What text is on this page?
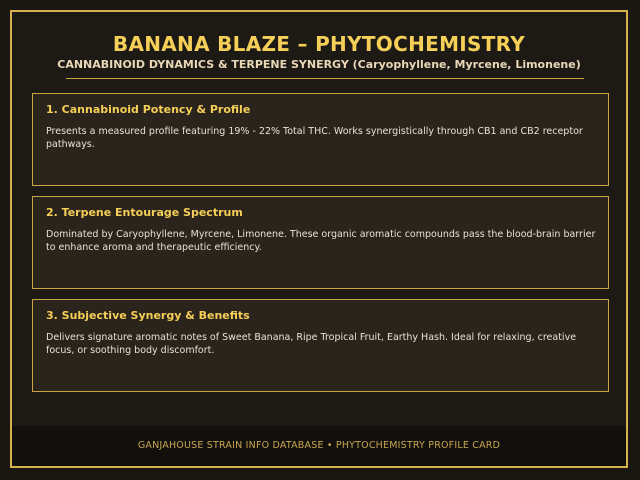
BANANA BLAZE – PHYTOCHEMISTRY

CANNABINOID DYNAMICS & TERPENE SYNERGY (Caryophyllene, Myrcene, Limonene)

1. Cannabinoid Potency & Profile

Presents a measured profile featuring 19% - 22% Total THC. Works synergistically through CB1 and CB2 receptor pathways.

2. Terpene Entourage Spectrum

Dominated by Caryophyllene, Myrcene, Limonene. These organic aromatic compounds pass the blood-brain barrier to enhance aroma and therapeutic efficiency.

3. Subjective Synergy & Benefits

Delivers signature aromatic notes of Sweet Banana, Ripe Tropical Fruit, Earthy Hash. Ideal for relaxing, creative focus, or soothing body discomfort.

GANJAHOUSE STRAIN INFO DATABASE • PHYTOCHEMISTRY PROFILE CARD
